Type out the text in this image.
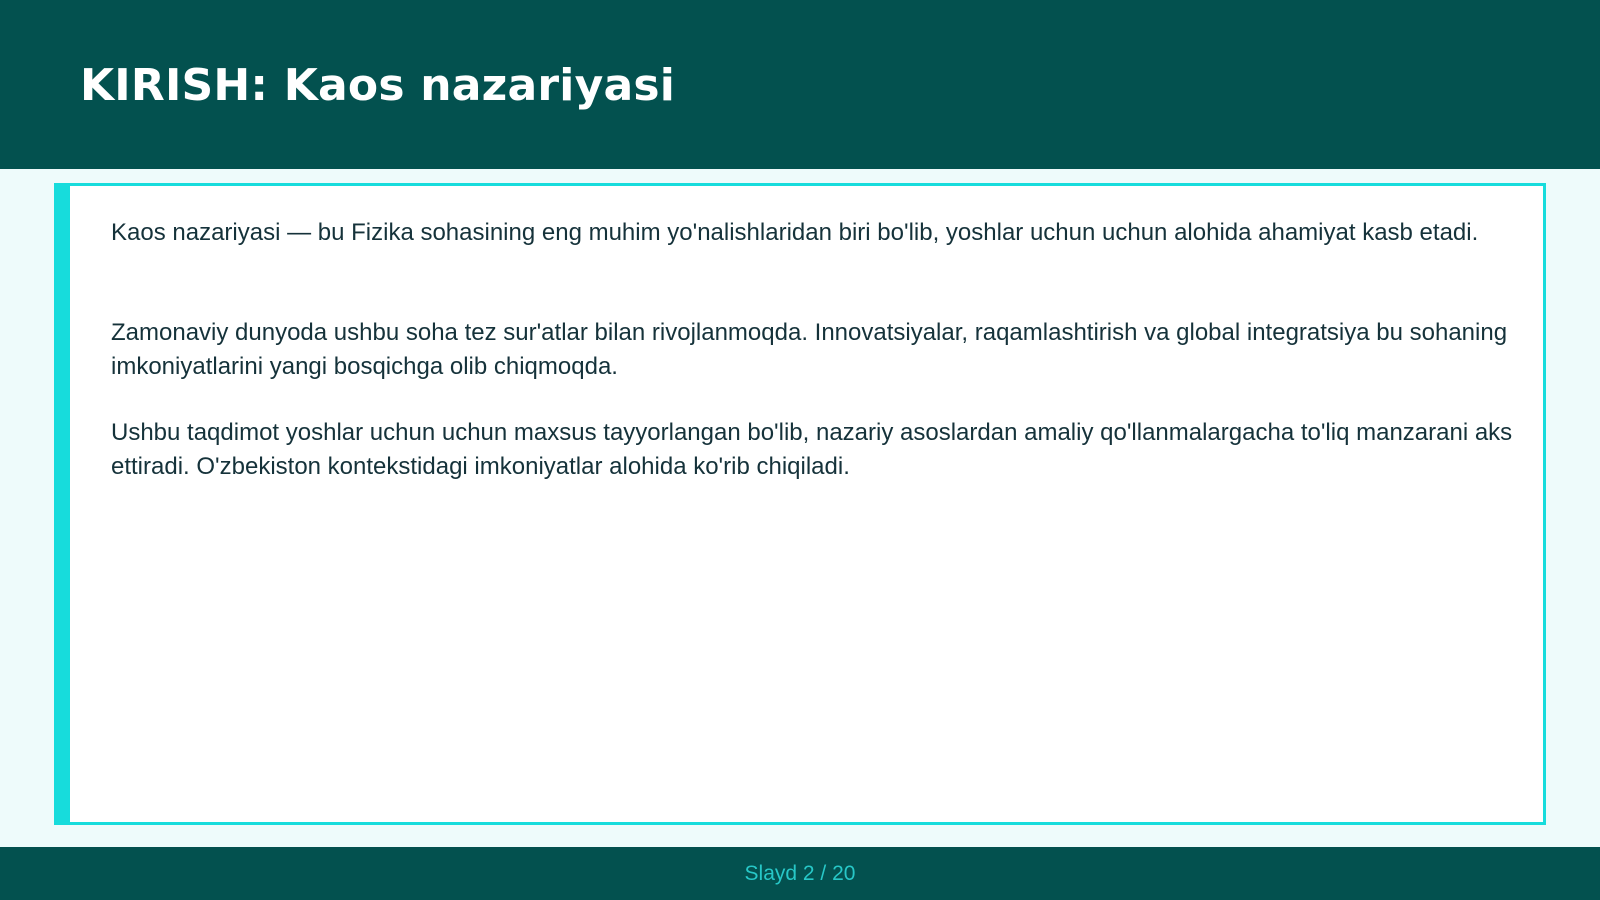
KIRISH: Kaos nazariyasi

Kaos nazariyasi — bu Fizika sohasining eng muhim yo'nalishlaridan biri bo'lib, yoshlar uchun uchun alohida ahamiyat kasb etadi.

Zamonaviy dunyoda ushbu soha tez sur'atlar bilan rivojlanmoqda. Innovatsiyalar, raqamlashtirish va global integratsiya bu sohaning imkoniyatlarini yangi bosqichga olib chiqmoqda.

Ushbu taqdimot yoshlar uchun uchun maxsus tayyorlangan bo'lib, nazariy asoslardan amaliy qo'llanmalargacha to'liq manzarani aks ettiradi. O'zbekiston kontekstidagi imkoniyatlar alohida ko'rib chiqiladi.

Slayd 2 / 20
